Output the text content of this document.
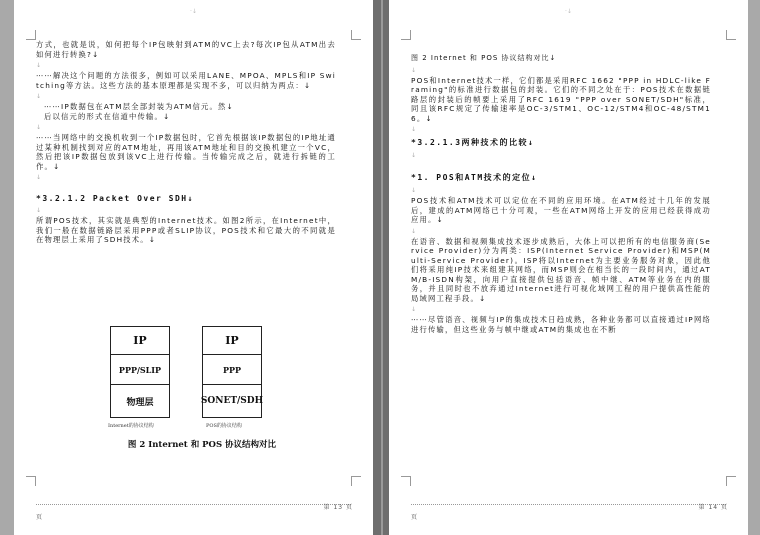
·↓

方式，也就是说，如何把每个IP包映射到ATM的VC上去?每次IP包从ATM出去如何进行转换?↓

↓

⋯⋯解决这个问题的方法很多，例如可以采用LANE、MPOA、MPLS和IP Switching等方法。这些方法的基本原理都是实现不多，可以归纳为两点：↓

↓

⋯⋯IP数据包在ATM层全部封装为ATM信元。然↓

后以信元的形式在信道中传输。↓

↓

⋯⋯当网络中的交换机收到一个IP数据包时，它首先根据该IP数据包的IP地址通过某种机制找到对应的ATM地址，再用该ATM地址和目的交换机建立一个VC，然后把该IP数据包放到该VC上进行传输。当传输完成之后，就进行拆链的工作。↓

↓
*3.2.1.2 Packet Over SDH↓
↓

所谓POS技术，其实就是典型的Internet技术。如图2所示，在Internet中，我们一般在数据链路层采用PPP或者SLIP协议，POS技术和它最大的不同就是在物理层上采用了SDH技术。↓

IP
PPP/SLIP
物理层
IP
PPP
SONET/SDH
Internet的协议结构	POS的协议结构
图 2 Internet 和 POS 协议结构对比
第 13 页
页
·↓
图 2 Internet 和 POS 协议结构对比↓
↓

POS和Internet技术一样，它们都是采用RFC 1662 "PPP in HDLC-like Framing"的标准进行数据包的封装。它们的不同之处在于：POS技术在数据链路层的封装后的帧要上采用了RFC 1619 "PPP over SONET/SDH"标准，同且该RFC规定了传输速率是OC-3/STM1、OC-12/STM4和OC-48/STM16。↓

↓
*3.2.1.3两种技术的比较↓
↓
*1. POS和ATM技术的定位↓
↓

POS技术和ATM技术可以定位在不同的应用环境。在ATM经过十几年的发展后，建成的ATM网络已十分可观，一些在ATM网络上开发的应用已经获得成功应用。↓

↓

在语音、数据和视频集成技术逐步成熟后，大体上可以把所有的电信服务商(Service Provider)分为两类：ISP(Internet Service Provider)和MSP(Multi-Service Provider)。ISP将以Internet为主要业务服务对象，因此他们将采用纯IP技术来组建其网络，而MSP则会在相当长的一段时间内，通过ATM/B-ISDN构架，向用户直接提供包括语音、帧中继、ATM等业务在内的服务，并且同时也不放弃通过Internet进行可视化域网工程的用户提供高性能的局域网工程手段。↓

↓

⋯⋯尽管语音、视频与IP的集成技术日趋成熟，各种业务都可以直接通过IP网络进行传输，但这些业务与帧中继或ATM的集成也在不断

第 14 页
页
